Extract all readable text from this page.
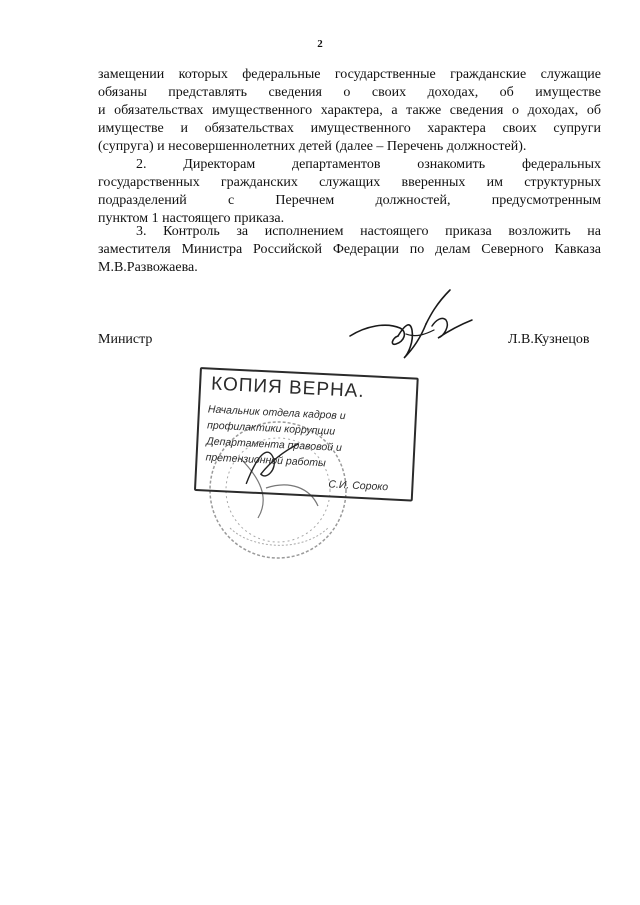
2
замещении которых федеральные государственные гражданские служащие
обязаны представлять сведения о своих доходах, об имуществе
и обязательствах имущественного характера, а также сведения о доходах, об
имуществе и обязательствах имущественного характера своих супруги
(супруга) и несовершеннолетних детей (далее – Перечень должностей).
2. Директорам департаментов ознакомить федеральных
государственных гражданских служащих вверенных им структурных
подразделений с Перечнем должностей, предусмотренным
пунктом 1 настоящего приказа.
3. Контроль за исполнением настоящего приказа возложить на
заместителя Министра Российской Федерации по делам Северного Кавказа
М.В.Развожаева.
Министр	Л.В.Кузнецов
КОПИЯ ВЕРНА.
Начальник отдела кадров и
профилактики коррупции
Департамента правовой и
претензионной работы
С.И. Сороко
